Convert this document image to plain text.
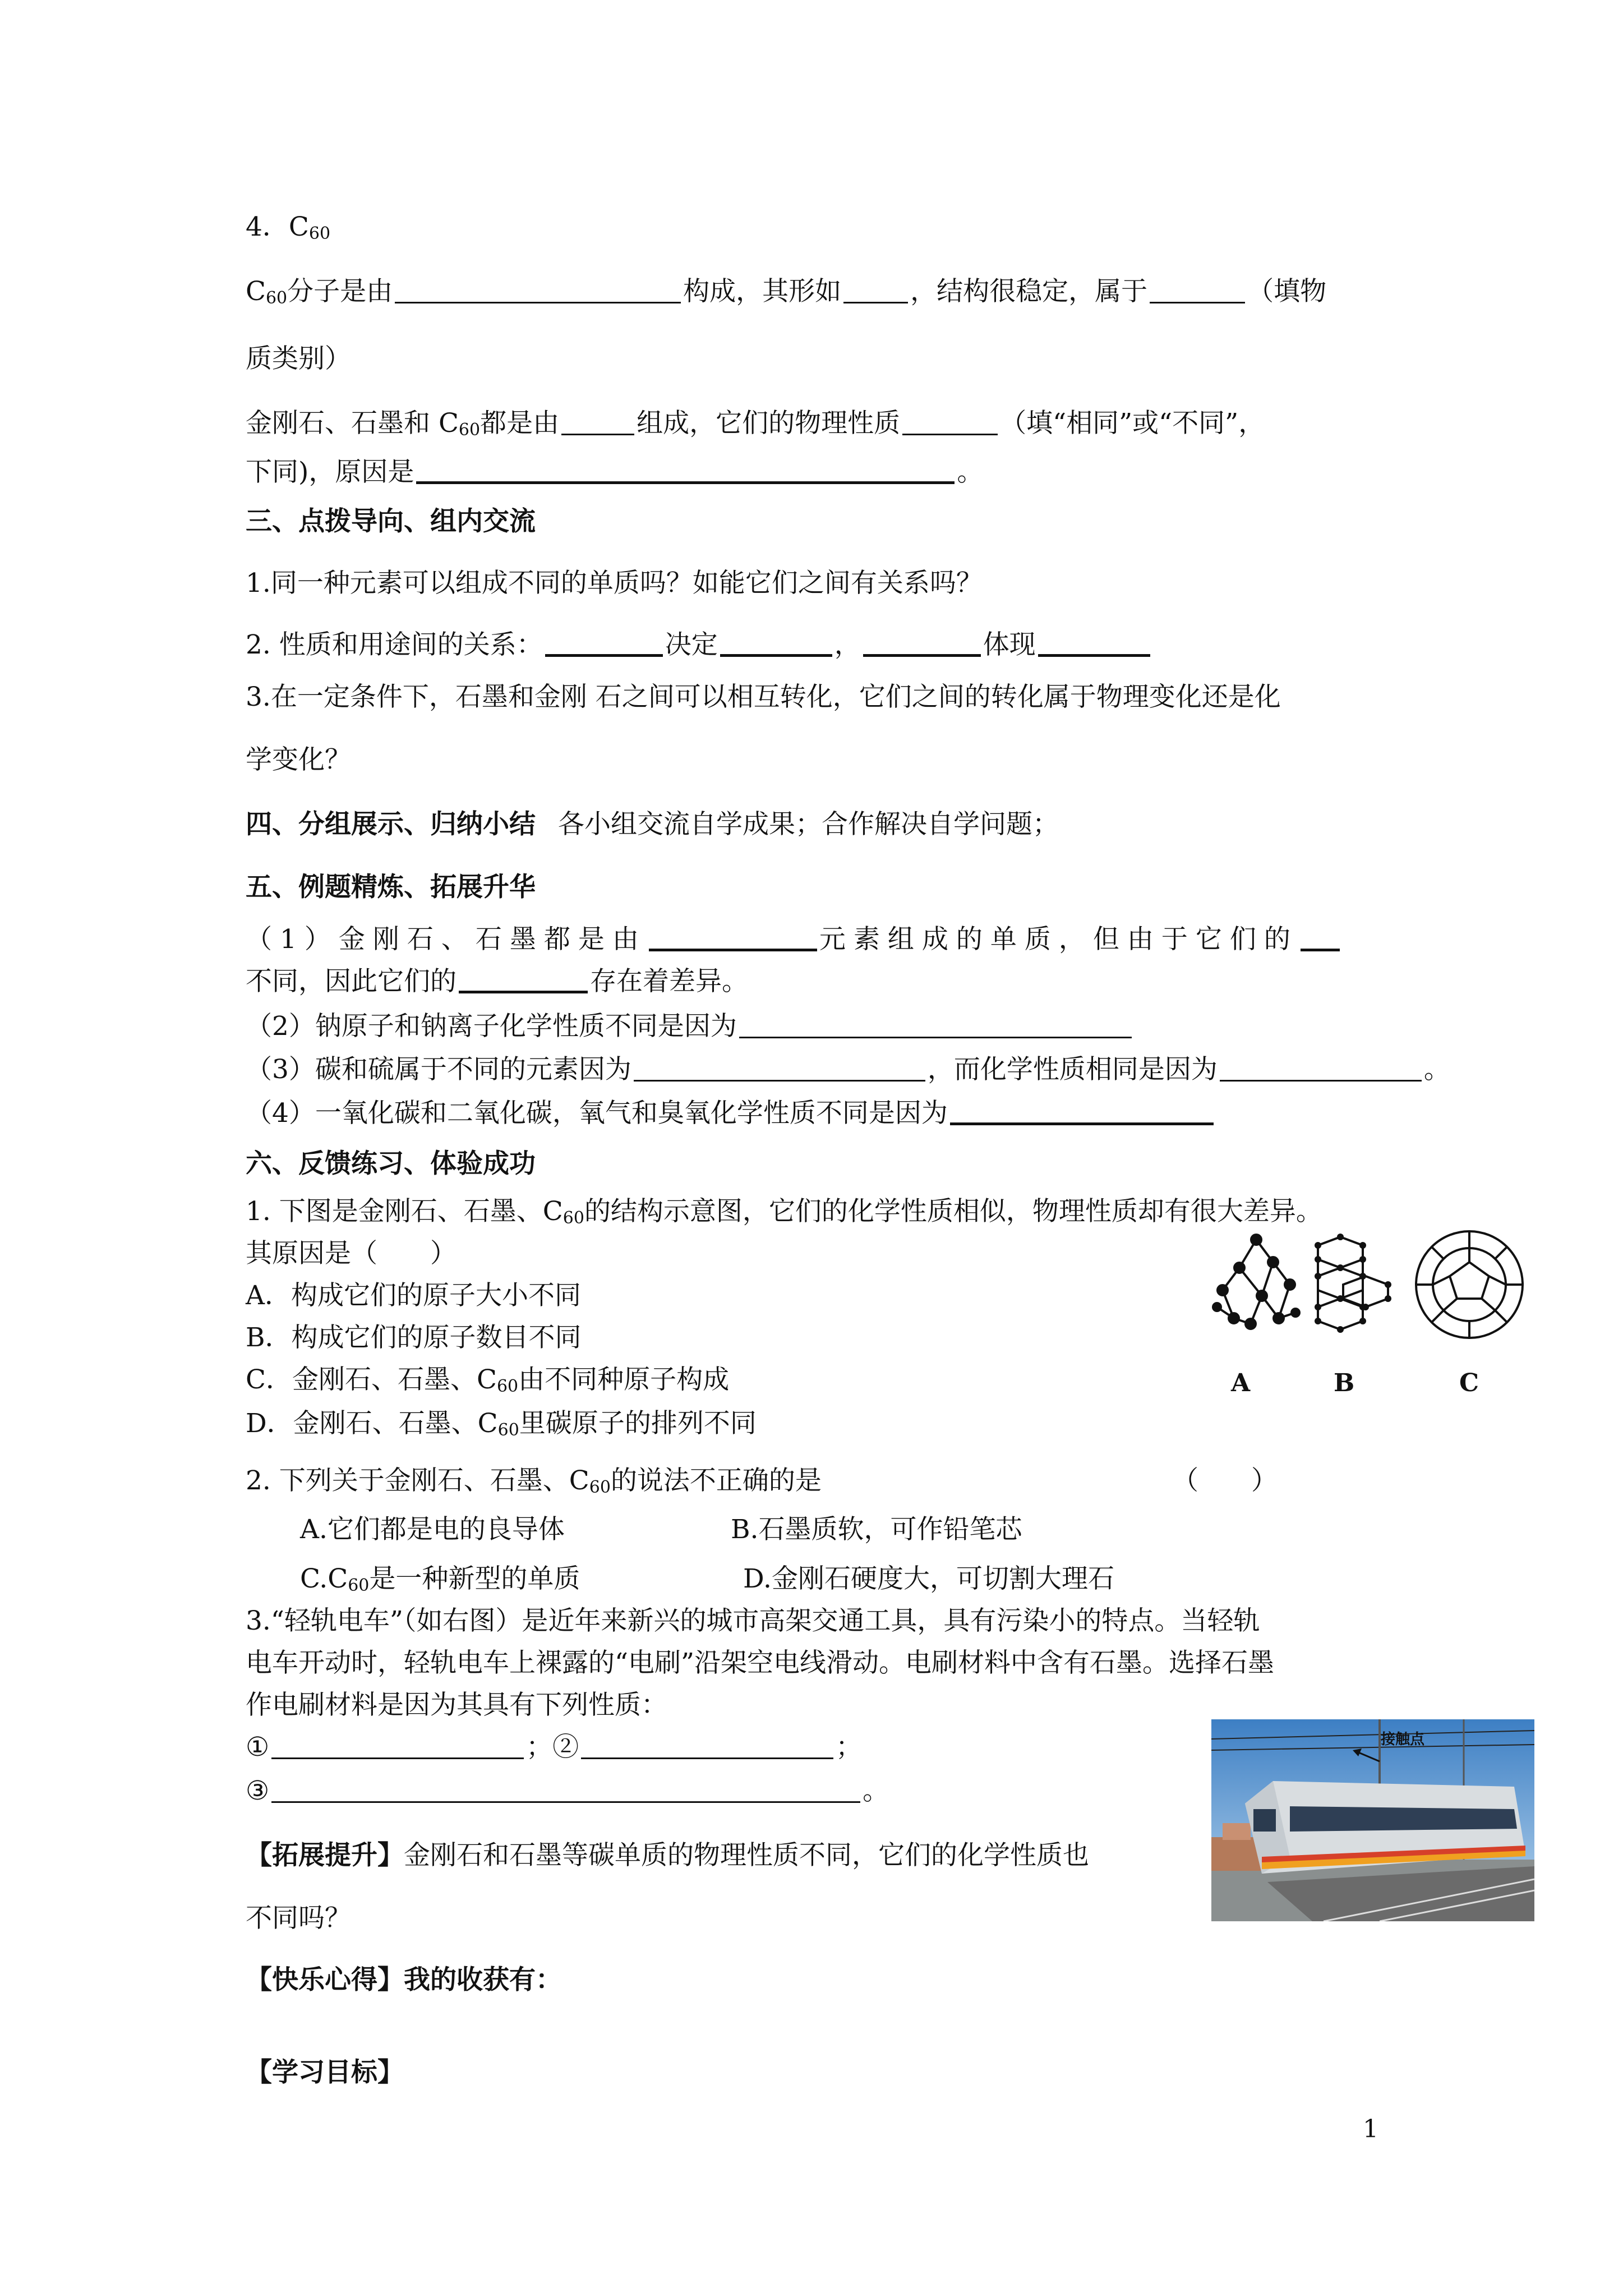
4．$C_{60}$
$C_{60}$分子是由	构成，其形如	，结构很稳定，属于	（填物
质类别）
金刚石、石墨和 $C_{60}$都是由	组成，它们的物理性质	（填“相同”或“不同”，
下同)，原因是	。
三、点拨导向、组内交流
1.同一种元素可以组成不同的单质吗？如能它们之间有关系吗？
2. 性质和用途间的关系：	决定	，	体现
3.在一定条件下，石墨和金刚 石之间可以相互转化，它们之间的转化属于物理变化还是化
学变化？
四、分组展示、归纳小结 各小组交流自学成果；合作解决自学问题；
五、例题精炼、拓展升华
（1）金刚石、石墨都是由	元素组成的单质，但由于它们的
不同，因此它们的	存在着差异。
（2）钠原子和钠离子化学性质不同是因为
（3）碳和硫属于不同的元素因为	，而化学性质相同是因为	。
（4）一氧化碳和二氧化碳，氧气和臭氧化学性质不同是因为
六、反馈练习、体验成功
1. 下图是金刚石、石墨、$C_{60}$的结构示意图，它们的化学性质相似，物理性质却有很大差异。
其原因是（　　）
A．构成它们的原子大小不同
B．构成它们的原子数目不同
C．金刚石、石墨、$C_{60}$由不同种原子构成
D．金刚石、石墨、$C_{60}$里碳原子的排列不同
A	B	C
2. 下列关于金刚石、石墨、$C_{60}$的说法不正确的是	（　　）
A.它们都是电的良导体	B.石墨质软，可作铅笔芯
$C.C_{60}$是一种新型的单质	D.金刚石硬度大，可切割大理石
3.“轻轨电车”（如右图）是近年来新兴的城市高架交通工具，具有污染小的特点。当轻轨
电车开动时，轻轨电车上裸露的“电刷”沿架空电线滑动。电刷材料中含有石墨。选择石墨
作电刷材料是因为其具有下列性质：
①	；②	；
③	。
接触点
【拓展提升】金刚石和石墨等碳单质的物理性质不同，它们的化学性质也
不同吗？
【快乐心得】我的收获有：
【学习目标】
1
